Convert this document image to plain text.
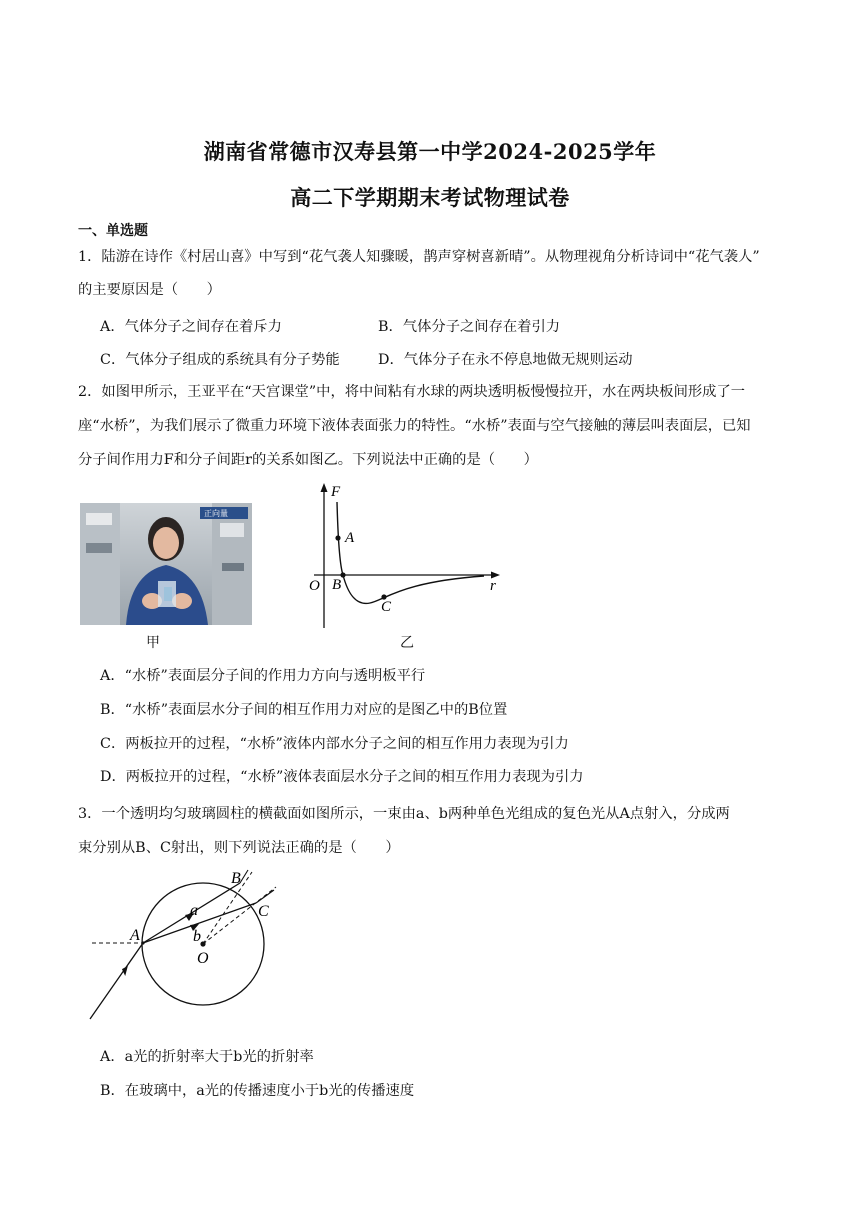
湖南省常德市汉寿县第一中学2024-2025学年
高二下学期期末考试物理试卷
一、单选题
1．陆游在诗作《村居山喜》中写到“花气袭人知骤暖，鹊声穿树喜新晴”。从物理视角分析诗词中“花气袭人”
的主要原因是（　　）
A．气体分子之间存在着斥力	B．气体分子之间存在着引力
C．气体分子组成的系统具有分子势能	D．气体分子在永不停息地做无规则运动
2．如图甲所示，王亚平在“天宫课堂”中，将中间粘有水球的两块透明板慢慢拉开，水在两块板间形成了一
座“水桥”，为我们展示了微重力环境下液体表面张力的特性。“水桥”表面与空气接触的薄层叫表面层，已知
分子间作用力F和分子间距r的关系如图乙。下列说法中正确的是（　　）
正向量
甲
F
r
O
A
B
C
乙
A．“水桥”表面层分子间的作用力方向与透明板平行
B．“水桥”表面层水分子间的相互作用力对应的是图乙中的B位置
C．两板拉开的过程，“水桥”液体内部水分子之间的相互作用力表现为引力
D．两板拉开的过程，“水桥”液体表面层水分子之间的相互作用力表现为引力
3．一个透明均匀玻璃圆柱的横截面如图所示，一束由a、b两种单色光组成的复色光从A点射入，分成两
束分别从B、C射出，则下列说法正确的是（　　）
A
B
C
O
a
b
A．a光的折射率大于b光的折射率
B．在玻璃中，a光的传播速度小于b光的传播速度
